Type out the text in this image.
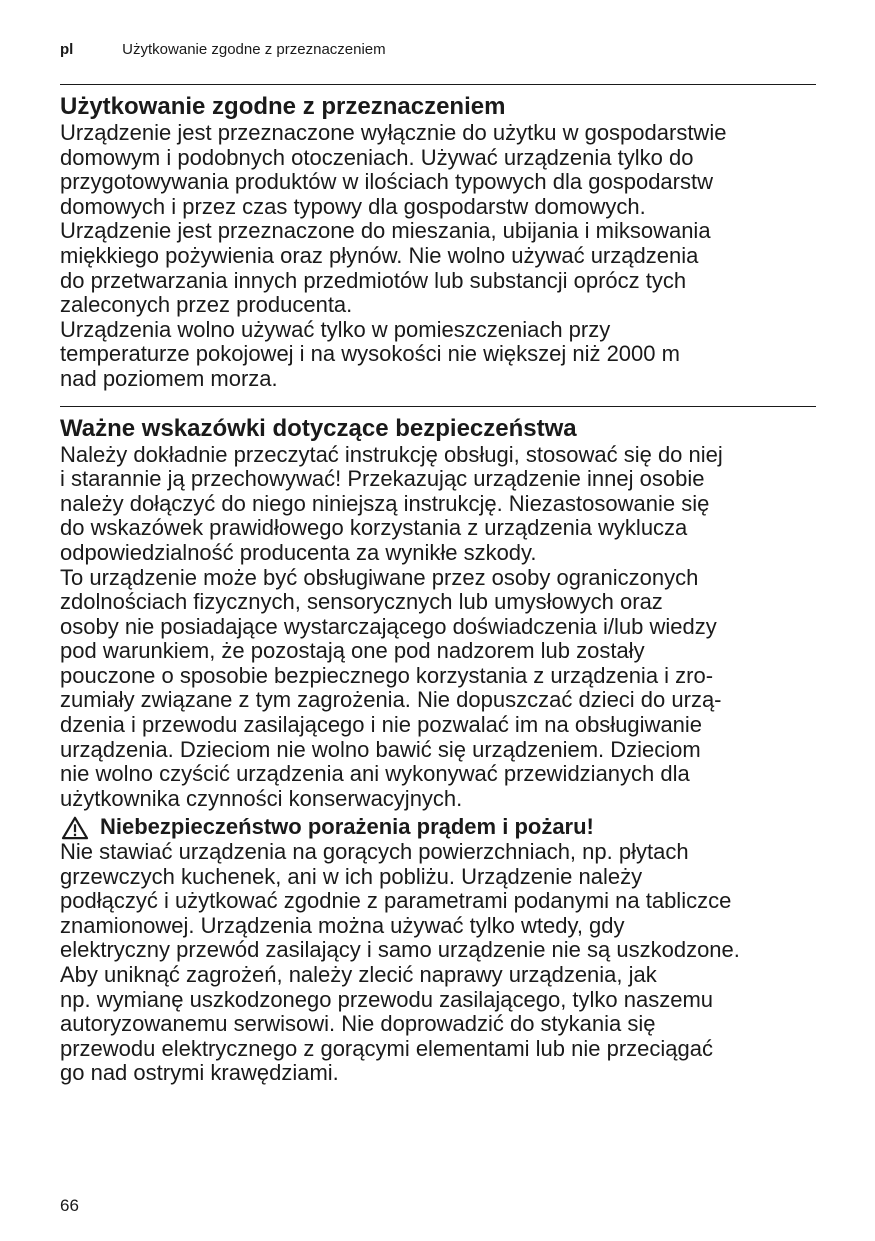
pl	Użytkowanie zgodne z przeznaczeniem
Użytkowanie zgodne z przeznaczeniem

Urządzenie jest przeznaczone wyłącznie do użytku w gospodarstwie
domowym i podobnych otoczeniach. Używać urządzenia tylko do
przygotowywania produktów w ilościach typowych dla gospodarstw
domowych i przez czas typowy dla gospodarstw domowych.

Urządzenie jest przeznaczone do mieszania, ubijania i miksowania
miękkiego pożywienia oraz płynów. Nie wolno używać urządzenia
do przetwarzania innych przedmiotów lub substancji oprócz tych
zaleconych przez producenta.

Urządzenia wolno używać tylko w pomieszczeniach przy
temperaturze pokojowej i na wysokości nie większej niż 2000 m
nad poziomem morza.

Ważne wskazówki dotyczące bezpieczeństwa

Należy dokładnie przeczytać instrukcję obsługi, stosować się do niej
i starannie ją przechowywać! Przekazując urządzenie innej osobie
należy dołączyć do niego niniejszą instrukcję. Niezastosowanie się
do wskazówek prawidłowego korzystania z urządzenia wyklucza
odpowiedzialność producenta za wynikłe szkody.

To urządzenie może być obsługiwane przez osoby ograniczonych
zdolnościach fizycznych, sensorycznych lub umysłowych oraz
osoby nie posiadające wystarczającego doświadczenia i/lub wiedzy
pod warunkiem, że pozostają one pod nadzorem lub zostały
pouczone o sposobie bezpiecznego korzystania z urządzenia i zro-
zumiały związane z tym zagrożenia. Nie dopuszczać dzieci do urzą-
dzenia i przewodu zasilającego i nie pozwalać im na obsługiwanie
urządzenia. Dzieciom nie wolno bawić się urządzeniem. Dzieciom
nie wolno czyścić urządzenia ani wykonywać przewidzianych dla
użytkownika czynności konserwacyjnych.

Niebezpieczeństwo porażenia prądem i pożaru!

Nie stawiać urządzenia na gorących powierzchniach, np. płytach
grzewczych kuchenek, ani w ich pobliżu. Urządzenie należy
podłączyć i użytkować zgodnie z parametrami podanymi na tabliczce
znamionowej. Urządzenia można używać tylko wtedy, gdy
elektryczny przewód zasilający i samo urządzenie nie są uszkodzone.
Aby uniknąć zagrożeń, należy zlecić naprawy urządzenia, jak
np. wymianę uszkodzonego przewodu zasilającego, tylko naszemu
autoryzowanemu serwisowi. Nie doprowadzić do stykania się
przewodu elektrycznego z gorącymi elementami lub nie przeciągać
go nad ostrymi krawędziami.

66
